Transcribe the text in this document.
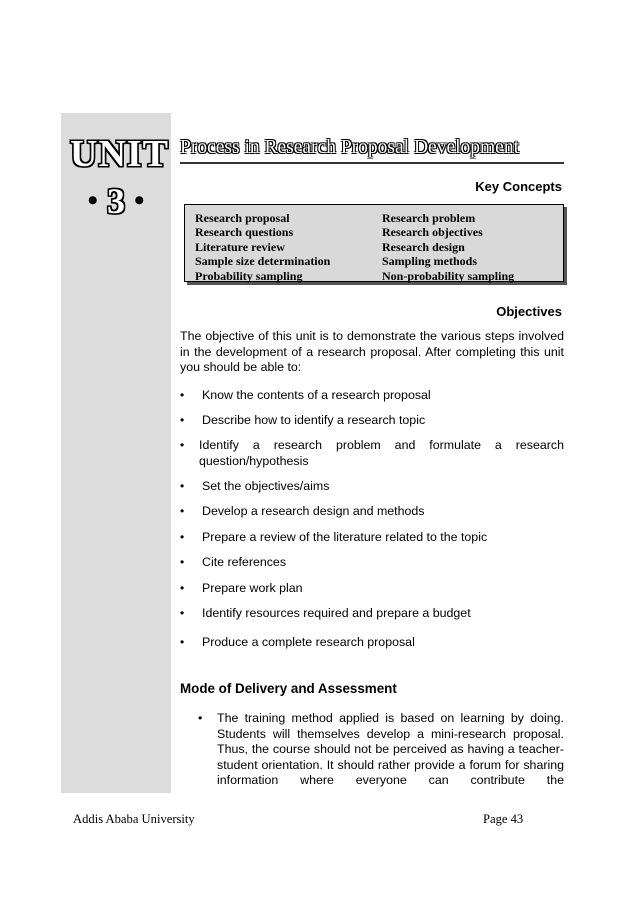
UNIT
• 3 •
Process in Research Proposal Development
Key Concepts
Research proposal
Research questions
Literature review
Sample size determination
Probability sampling
Research problem
Research objectives
Research design
Sampling methods
Non-probability sampling
Objectives
The objective of this unit is to demonstrate the various steps involved in the development of a research proposal. After completing this unit you should be able to:
• Know the contents of a research proposal
• Describe how to identify a research topic
• Identify a research problem and formulate a research question/hypothesis
• Set the objectives/aims
• Develop a research design and methods
• Prepare a review of the literature related to the topic
• Cite references
• Prepare work plan
• Identify resources required and prepare a budget
• Produce a complete research proposal
Mode of Delivery and Assessment
• The training method applied is based on learning by doing. Students will themselves develop a mini-research proposal. Thus, the course should not be perceived as having a teacher-student orientation. It should rather provide a forum for sharing information where everyone can contribute the
Addis Ababa University	Page 43
